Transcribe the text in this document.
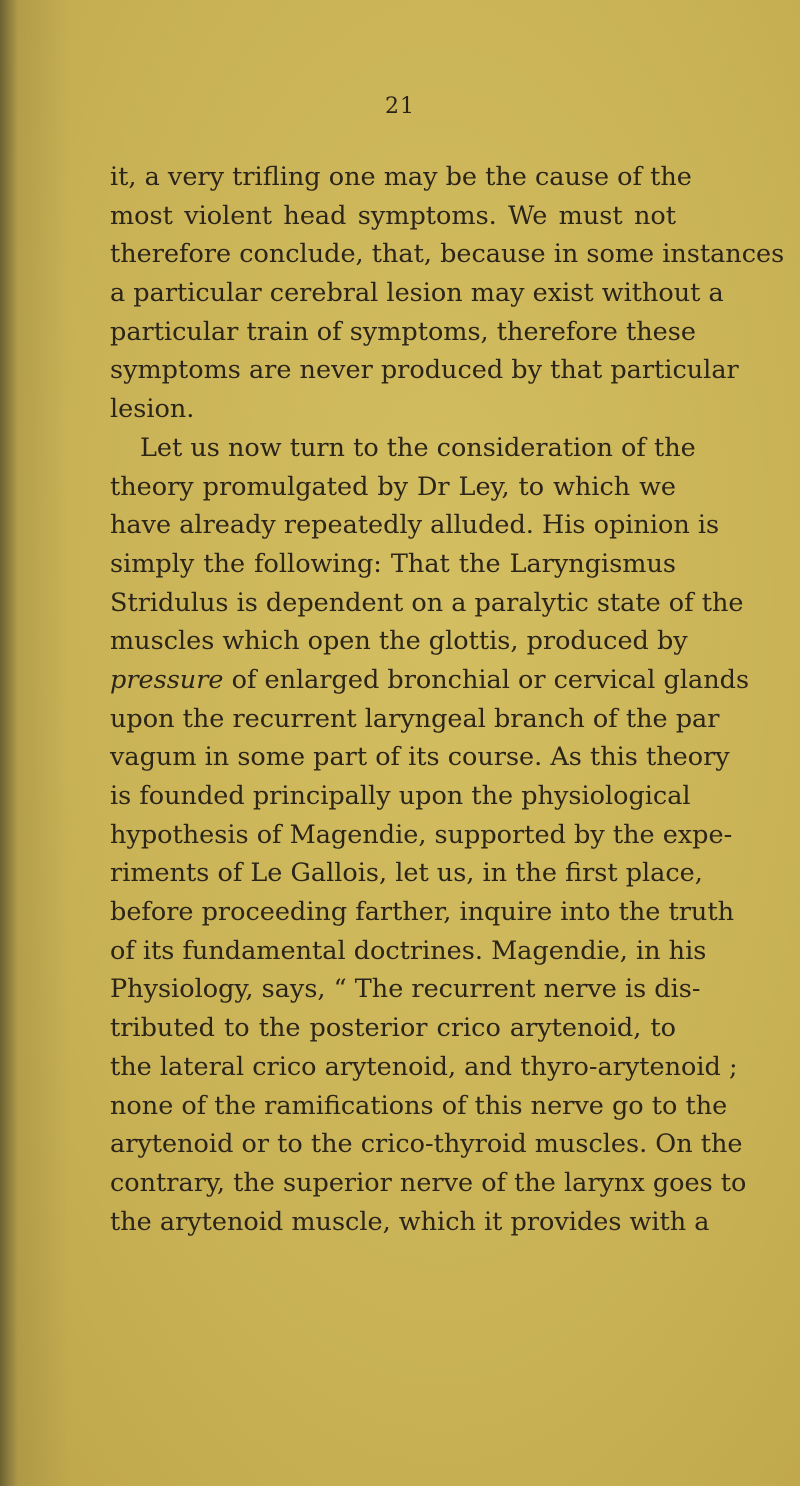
21
it, a very trifling one may be the cause of the
most violent head symptoms. We must not
therefore conclude, that, because in some instances
a particular cerebral lesion may exist without a
particular train of symptoms, therefore these
symptoms are never produced by that particular
lesion.
Let us now turn to the consideration of the
theory promulgated by Dr Ley, to which we
have already repeatedly alluded. His opinion is
simply the following: That the Laryngismus
Stridulus is dependent on a paralytic state of the
muscles which open the glottis, produced by
pressure of enlarged bronchial or cervical glands
upon the recurrent laryngeal branch of the par
vagum in some part of its course. As this theory
is founded principally upon the physiological
hypothesis of Magendie, supported by the expe-
riments of Le Gallois, let us, in the first place,
before proceeding farther, inquire into the truth
of its fundamental doctrines. Magendie, in his
Physiology, says, “ The recurrent nerve is dis-
tributed to the posterior crico arytenoid, to
the lateral crico arytenoid, and thyro-arytenoid ;
none of the ramifications of this nerve go to the
arytenoid or to the crico-thyroid muscles. On the
contrary, the superior nerve of the larynx goes to
the arytenoid muscle, which it provides with a
